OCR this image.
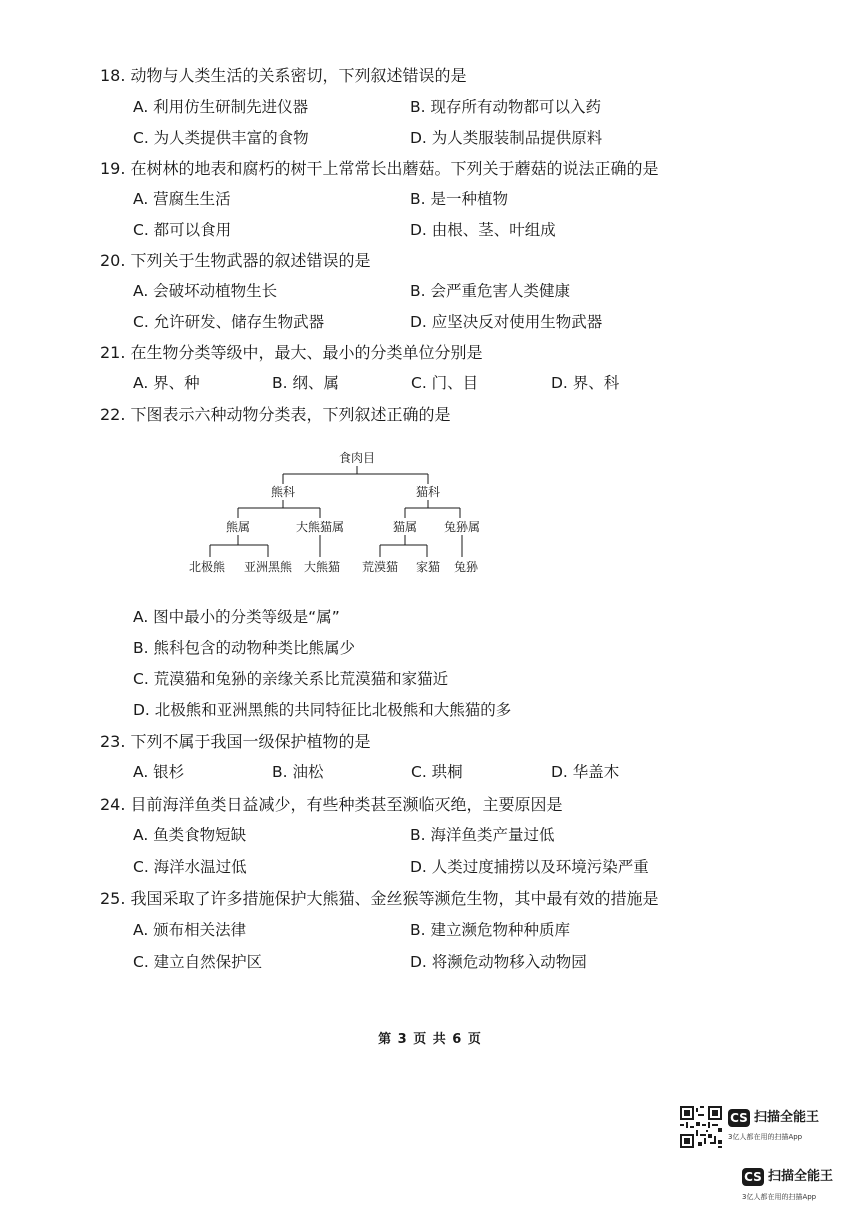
18. 动物与人类生活的关系密切，下列叙述错误的是
A. 利用仿生研制先进仪器	B. 现存所有动物都可以入药
C. 为人类提供丰富的食物	D. 为人类服装制品提供原料
19. 在树林的地表和腐朽的树干上常常长出蘑菇。下列关于蘑菇的说法正确的是
A. 营腐生生活	B. 是一种植物
C. 都可以食用	D. 由根、茎、叶组成
20. 下列关于生物武器的叙述错误的是
A. 会破坏动植物生长	B. 会严重危害人类健康
C. 允许研发、储存生物武器	D. 应坚决反对使用生物武器
21. 在生物分类等级中，最大、最小的分类单位分别是
A. 界、种	B. 纲、属	C. 门、目	D. 界、科
22. 下图表示六种动物分类表，下列叙述正确的是
食肉目
熊科	猫科
熊属	大熊猫属	猫属 兔狲属
北极熊 亚洲黑熊 大熊猫 荒漠猫 家猫 兔狲
A. 图中最小的分类等级是“属”
B. 熊科包含的动物种类比熊属少
C. 荒漠猫和兔狲的亲缘关系比荒漠猫和家猫近
D. 北极熊和亚洲黑熊的共同特征比北极熊和大熊猫的多
23. 下列不属于我国一级保护植物的是
A. 银杉	B. 油松	C. 珙桐	D. 华盖木
24. 目前海洋鱼类日益减少，有些种类甚至濒临灭绝，主要原因是
A. 鱼类食物短缺	B. 海洋鱼类产量过低
C. 海洋水温过低	D. 人类过度捕捞以及环境污染严重
25. 我国采取了许多措施保护大熊猫、金丝猴等濒危生物，其中最有效的措施是
A. 颁布相关法律	B. 建立濒危物种种质库
C. 建立自然保护区	D. 将濒危动物移入动物园
第 3 页 共 6 页
CS 扫描全能王
3亿人都在用的扫描App
CS 扫描全能王
3亿人都在用的扫描App
